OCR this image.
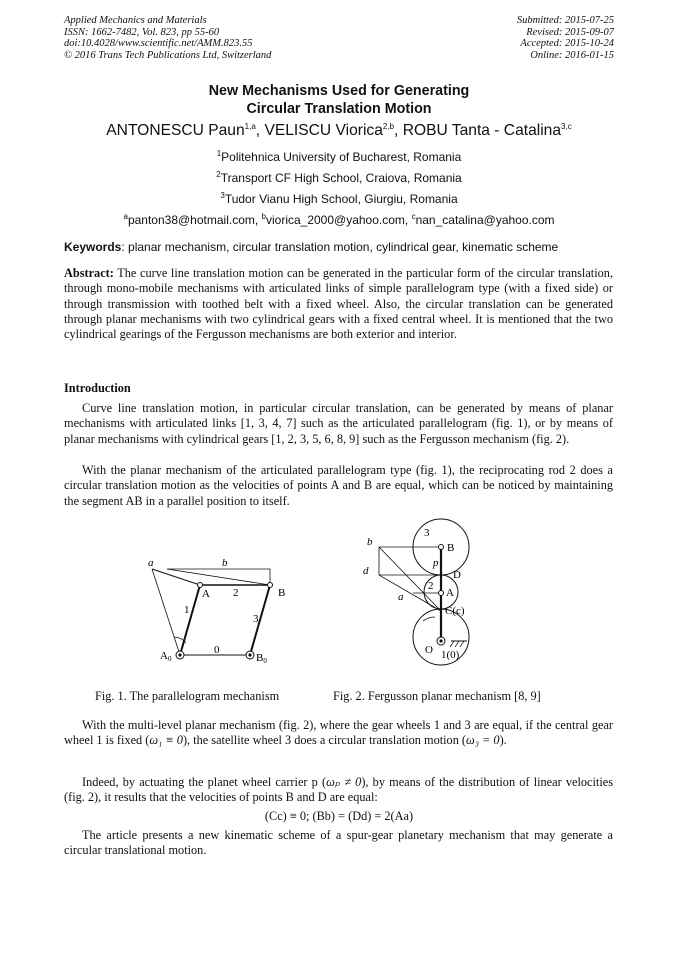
Applied Mechanics and Materials
ISSN: 1662-7482, Vol. 823, pp 55-60
doi:10.4028/www.scientific.net/AMM.823.55
© 2016 Trans Tech Publications Ltd, Switzerland
Submitted: 2015-07-25
Revised: 2015-09-07
Accepted: 2015-10-24
Online: 2016-01-15
New Mechanisms Used for Generating
Circular Translation Motion
ANTONESCU Paun$^{1,a}$, VELISCU Viorica$^{2,b}$, ROBU Tanta - Catalina$^{3,c}$
$^1$Politehnica University of Bucharest, Romania
$^2$Transport CF High School, Craiova, Romania
$^3$Tudor Vianu High School, Giurgiu, Romania
$^a$panton38@hotmail.com, $^b$viorica_2000@yahoo.com, $^c$nan_catalina@yahoo.com
Keywords: planar mechanism, circular translation motion, cylindrical gear, kinematic scheme
Abstract: The curve line translation motion can be generated in the particular form of the circular translation, through mono-mobile mechanisms with articulated links of simple parallelogram type (with a fixed side) or through transmission with toothed belt with a fixed wheel. Also, the circular translation can be generated through planar mechanisms with two cylindrical gears with a fixed central wheel. It is mentioned that the two cylindrical gearings of the Fergusson mechanisms are both exterior and interior.
Introduction
Curve line translation motion, in particular circular translation, can be generated by means of planar mechanisms with articulated links [1, 3, 4, 7] such as the articulated parallelogram (fig. 1), or by means of planar mechanisms with cylindrical gears [1, 2, 3, 5, 6, 8, 9] such as the Fergusson mechanism (fig. 2).
With the planar mechanism of the articulated parallelogram type (fig. 1), the reciprocating rod 2 does a circular translation motion as the velocities of points A and B are equal, which can be noticed by maintaining the segment AB in a parallel position to itself.
a	b
A	B
1
2
3
0
A0	B0
3
B
b
p
D
d
2
A
a
C(c)
O 1(0)
Fig. 1. The parallelogram mechanism	Fig. 2. Fergusson planar mechanism [8, 9]
With the multi-level planar mechanism (fig. 2), where the gear wheels 1 and 3 are equal, if the central gear wheel 1 is fixed (ω₁ ≡ 0), the satellite wheel 3 does a circular translation motion (ω₃ = 0).
Indeed, by actuating the planet wheel carrier p (ωₚ ≠ 0), by means of the distribution of linear velocities (fig. 2), it results that the velocities of points B and D are equal:
(Cc) ≡ 0; (Bb) = (Dd) = 2(Aa)
The article presents a new kinematic scheme of a spur-gear planetary mechanism that may generate a circular translational motion.
